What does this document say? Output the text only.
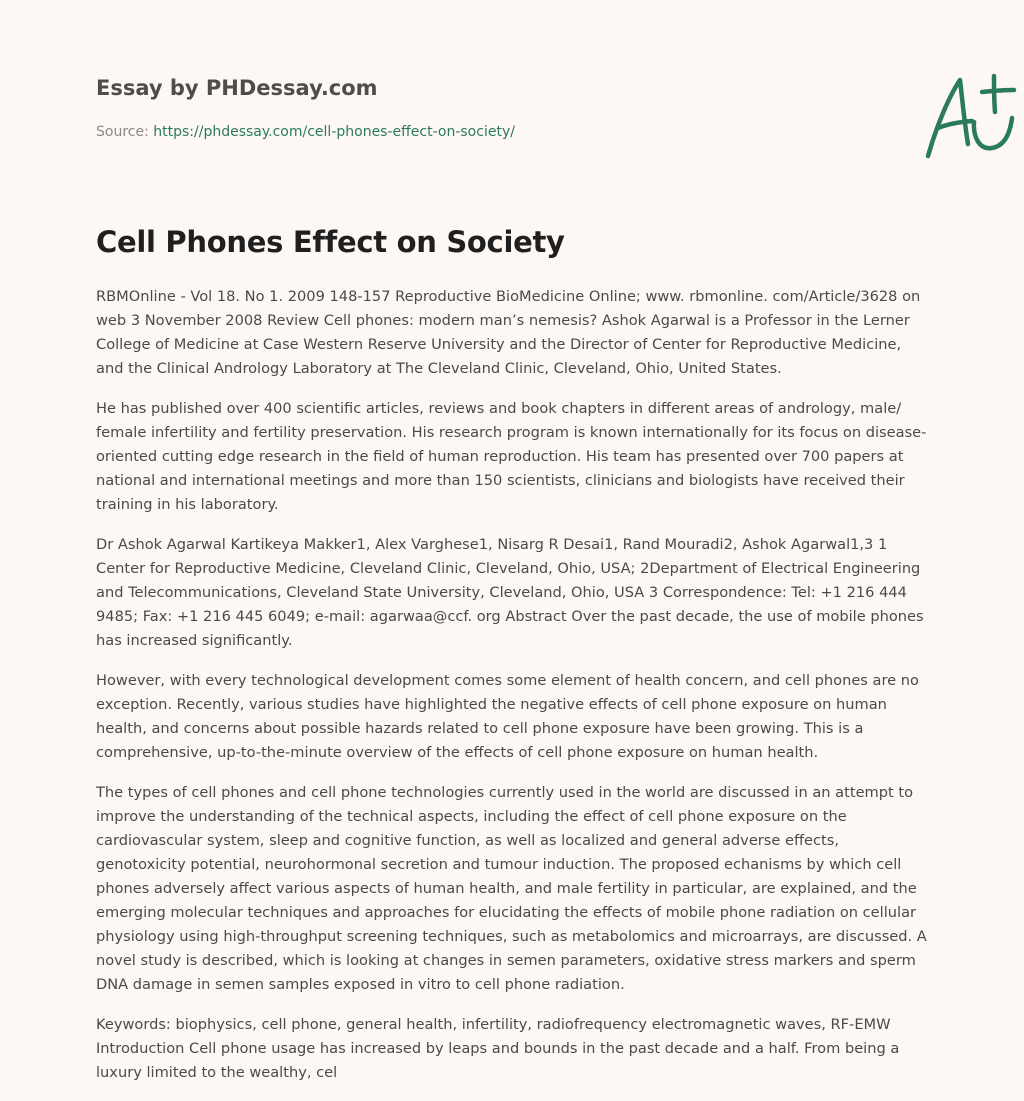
Essay by PHDessay.com
Source: https://phdessay.com/cell-phones-effect-on-society/
Cell Phones Effect on Society

RBMOnline - Vol 18. No 1. 2009 148-157 Reproductive BioMedicine Online; www. rbmonline. com/Article/3628 on web 3 November 2008 Review Cell phones: modern man’s nemesis? Ashok Agarwal is a Professor in the Lerner College of Medicine at Case Western Reserve University and the Director of Center for Reproductive Medicine, and the Clinical Andrology Laboratory at The Cleveland Clinic, Cleveland, Ohio, United States.

He has published over 400 scientific articles, reviews and book chapters in different areas of andrology, male/ female infertility and fertility preservation. His research program is known internationally for its focus on disease-oriented cutting edge research in the field of human reproduction. His team has presented over 700 papers at national and international meetings and more than 150 scientists, clinicians and biologists have received their training in his laboratory.

Dr Ashok Agarwal Kartikeya Makker1, Alex Varghese1, Nisarg R Desai1, Rand Mouradi2, Ashok Agarwal1,3 1 Center for Reproductive Medicine, Cleveland Clinic, Cleveland, Ohio, USA; 2Department of Electrical Engineering and Telecommunications, Cleveland State University, Cleveland, Ohio, USA 3 Correspondence: Tel: +1 216 444 9485; Fax: +1 216 445 6049; e-mail: agarwaa@ccf. org Abstract Over the past decade, the use of mobile phones has increased significantly.

However, with every technological development comes some element of health concern, and cell phones are no exception. Recently, various studies have highlighted the negative effects of cell phone exposure on human health, and concerns about possible hazards related to cell phone exposure have been growing. This is a comprehensive, up-to-the-minute overview of the effects of cell phone exposure on human health.

The types of cell phones and cell phone technologies currently used in the world are discussed in an attempt to improve the understanding of the technical aspects, including the effect of cell phone exposure on the cardiovascular system, sleep and cognitive function, as well as localized and general adverse effects, genotoxicity potential, neurohormonal secretion and tumour induction. The proposed echanisms by which cell phones adversely affect various aspects of human health, and male fertility in particular, are explained, and the emerging molecular techniques and approaches for elucidating the effects of mobile phone radiation on cellular physiology using high-throughput screening techniques, such as metabolomics and microarrays, are discussed. A novel study is described, which is looking at changes in semen parameters, oxidative stress markers and sperm DNA damage in semen samples exposed in vitro to cell phone radiation.

Keywords: biophysics, cell phone, general health, infertility, radiofrequency electromagnetic waves, RF-EMW Introduction Cell phone usage has increased by leaps and bounds in the past decade and a half. From being a luxury limited to the wealthy, cel
